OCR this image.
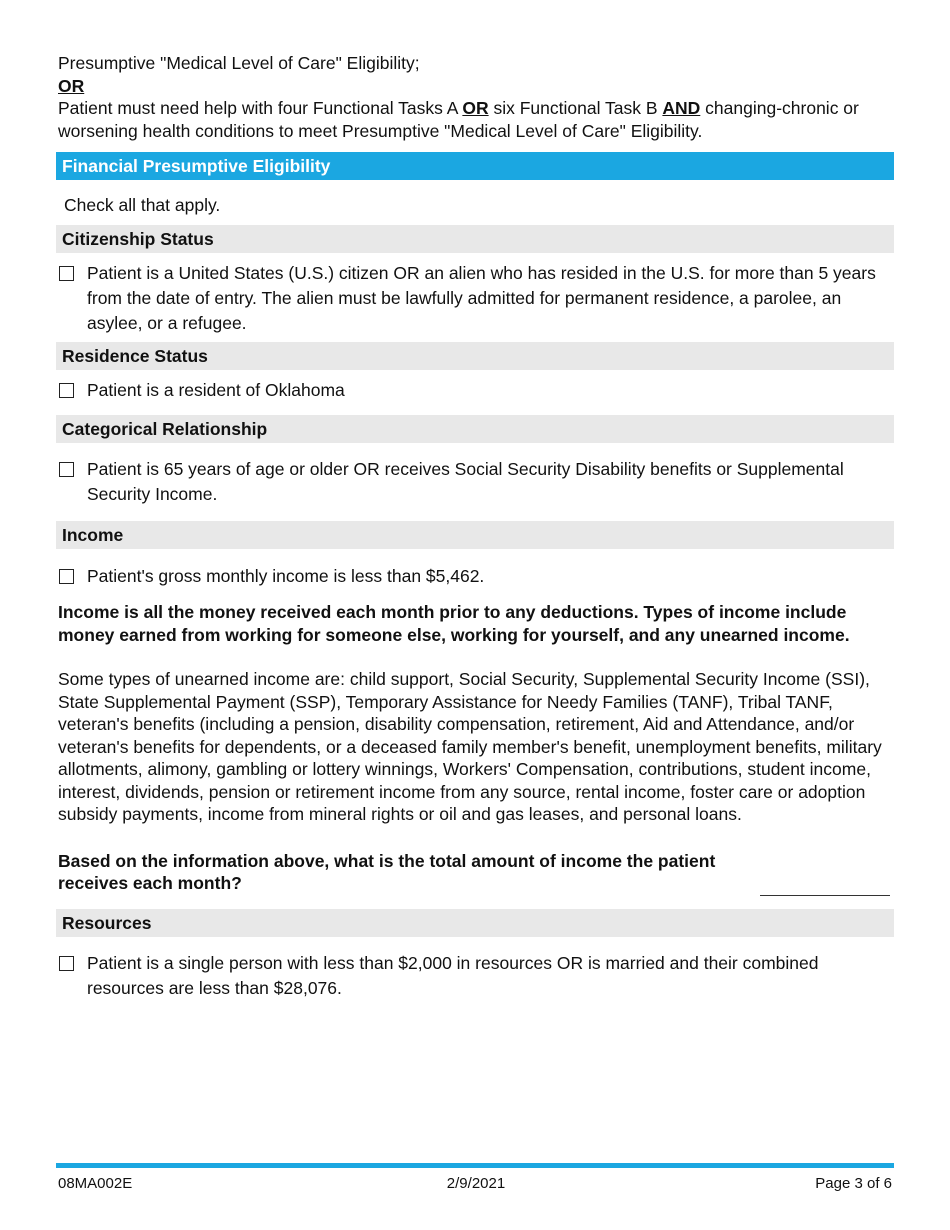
Presumptive "Medical Level of Care" Eligibility;
OR
Patient must need help with four Functional Tasks A OR six Functional Task B AND changing-chronic or worsening health conditions to meet Presumptive "Medical Level of Care" Eligibility.
Financial Presumptive Eligibility
Check all that apply.
Citizenship Status
Patient is a United States (U.S.) citizen OR an alien who has resided in the U.S. for more than 5 years from the date of entry. The alien must be lawfully admitted for permanent residence, a parolee, an asylee, or a refugee.
Residence Status
Patient is a resident of Oklahoma
Categorical Relationship
Patient is 65 years of age or older OR receives Social Security Disability benefits or Supplemental Security Income.
Income
Patient's gross monthly income is less than $5,462.
Income is all the money received each month prior to any deductions. Types of income include money earned from working for someone else, working for yourself, and any unearned income.
Some types of unearned income are: child support, Social Security, Supplemental Security Income (SSI), State Supplemental Payment (SSP), Temporary Assistance for Needy Families (TANF), Tribal TANF, veteran's benefits (including a pension, disability compensation, retirement, Aid and Attendance, and/or veteran's benefits for dependents, or a deceased family member's benefit, unemployment benefits, military allotments, alimony, gambling or lottery winnings, Workers' Compensation, contributions, student income, interest, dividends, pension or retirement income from any source, rental income, foster care or adoption subsidy payments, income from mineral rights or oil and gas leases, and personal loans.
Based on the information above, what is the total amount of income the patient receives each month?
Resources
Patient is a single person with less than $2,000 in resources OR is married and their combined resources are less than $28,076.
08MA002E	2/9/2021	Page 3 of 6
